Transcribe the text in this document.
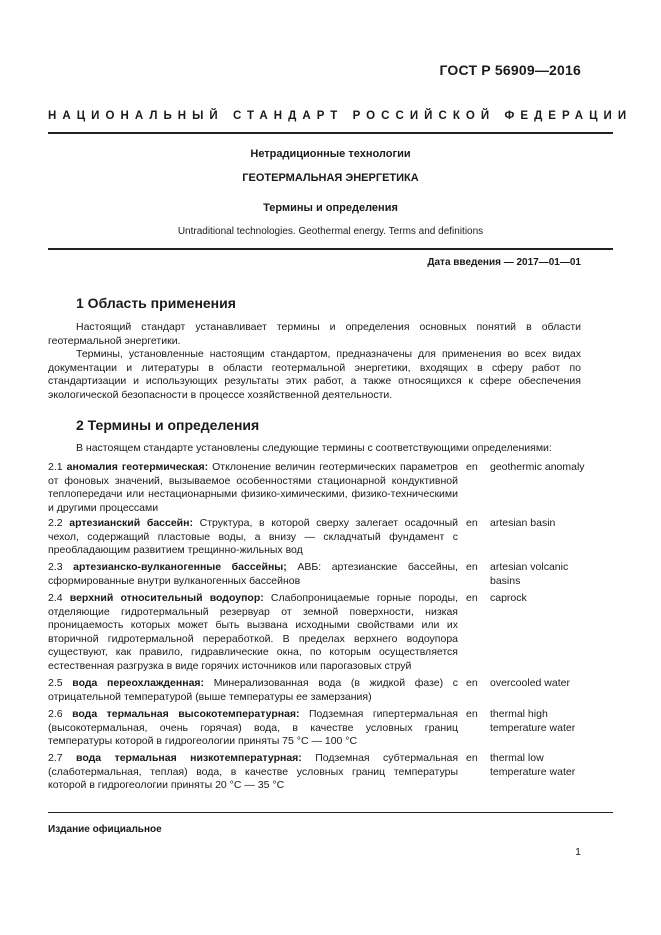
ГОСТ Р 56909—2016
НАЦИОНАЛЬНЫЙ СТАНДАРТ РОССИЙСКОЙ ФЕДЕРАЦИИ
Нетрадиционные технологии
ГЕОТЕРМАЛЬНАЯ ЭНЕРГЕТИКА
Термины и определения
Untraditional technologies. Geothermal energy. Terms and definitions
Дата введения — 2017—01—01
1 Область применения

Настоящий стандарт устанавливает термины и определения основных понятий в области геотермальной энергетики.

Термины, установленные настоящим стандартом, предназначены для применения во всех видах документации и литературы в области геотермальной энергетики, входящих в сферу работ по стандартизации и использующих результаты этих работ, а также относящихся к сфере обеспечения экологической безопасности в процессе хозяйственной деятельности.

2 Термины и определения

В настоящем стандарте установлены следующие термины с соответствующими определениями:

2.1 аномалия геотермическая: Отклонение величин геотермических параметров от фоновых значений, вызываемое особенностями стационарной кондуктивной теплопередачи или нестационарными физико-химическими, физико-техническими и другими процессами
en geothermic anomaly
2.2 артезианский бассейн: Структура, в которой сверху залегает осадочный чехол, содержащий пластовые воды, а внизу — складчатый фундамент с преобладающим развитием трещинно-жильных вод
en artesian basin
2.3 артезианско-вулканогенные бассейны; АВБ: артезианские бассейны, сформированные внутри вулканогенных бассейнов
en artesian volcanic basins
2.4 верхний относительный водоупор: Слабопроницаемые горные породы, отделяющие гидротермальный резервуар от земной поверхности, низкая проницаемость которых может быть вызвана исходными свойствами или их вторичной гидротермальной переработкой. В пределах верхнего водоупора существуют, как правило, гидравлические окна, по которым осуществляется естественная разгрузка в виде горячих источников или парогазовых струй
en caprock
2.5 вода переохлажденная: Минерализованная вода (в жидкой фазе) с отрицательной температурой (выше температуры ее замерзания)
en overcooled water
2.6 вода термальная высокотемпературная: Подземная гипертермальная (высокотермальная, очень горячая) вода, в качестве условных границ температуры которой в гидрогеологии приняты 75 °С — 100 °С
en thermal high temperature water
2.7 вода термальная низкотемпературная: Подземная субтермальная (слаботермальная, теплая) вода, в качестве условных границ температуры которой в гидрогеологии приняты 20 °С — 35 °С
en thermal low temperature water
Издание официальное
1
